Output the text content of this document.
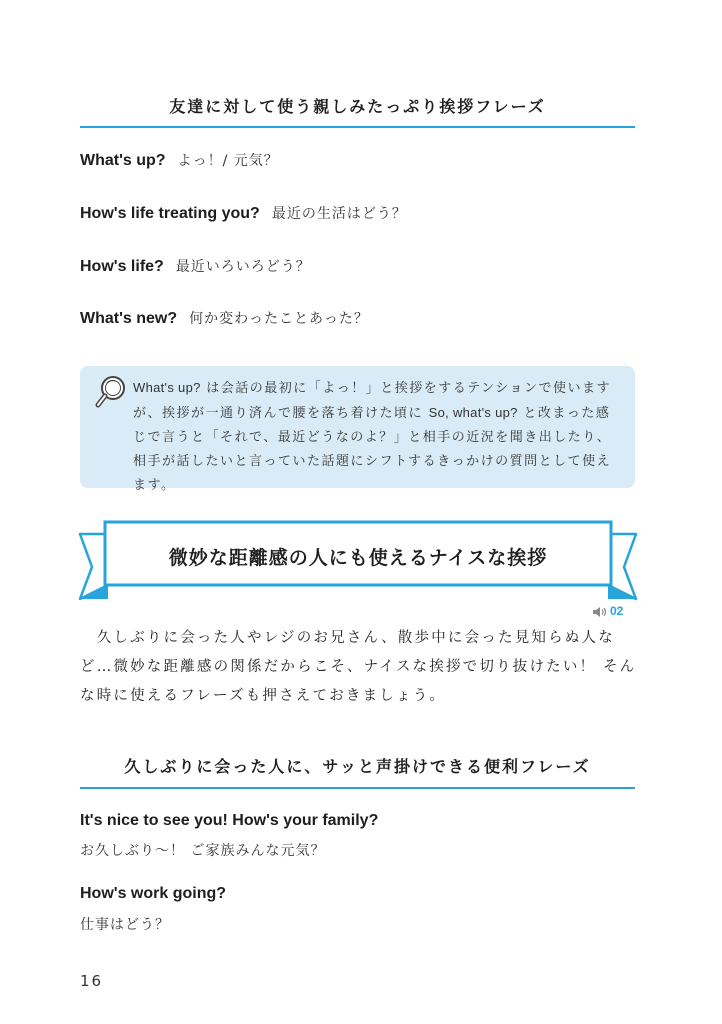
友達に対して使う親しみたっぷり挨拶フレーズ
What's up? よっ！/ 元気？
How's life treating you? 最近の生活はどう？
How's life? 最近いろいろどう？
What's new? 何か変わったことあった？
What's up? は会話の最初に「よっ！」と挨拶をするテンションで使いますが、挨拶が一通り済んで腰を落ち着けた頃に So, what's up? と改まった感じで言うと「それで、最近どうなのよ？」と相手の近況を聞き出したり、相手が話したいと言っていた話題にシフトするきっかけの質問として使えます。
微妙な距離感の人にも使えるナイスな挨拶
02
　久しぶりに会った人やレジのお兄さん、散歩中に会った見知らぬ人など…微妙な距離感の関係だからこそ、ナイスな挨拶で切り抜けたい！ そんな時に使えるフレーズも押さえておきましょう。
久しぶりに会った人に、サッと声掛けできる便利フレーズ
It's nice to see you! How's your family?
お久しぶり〜！ ご家族みんな元気？
How's work going?
仕事はどう？
16
